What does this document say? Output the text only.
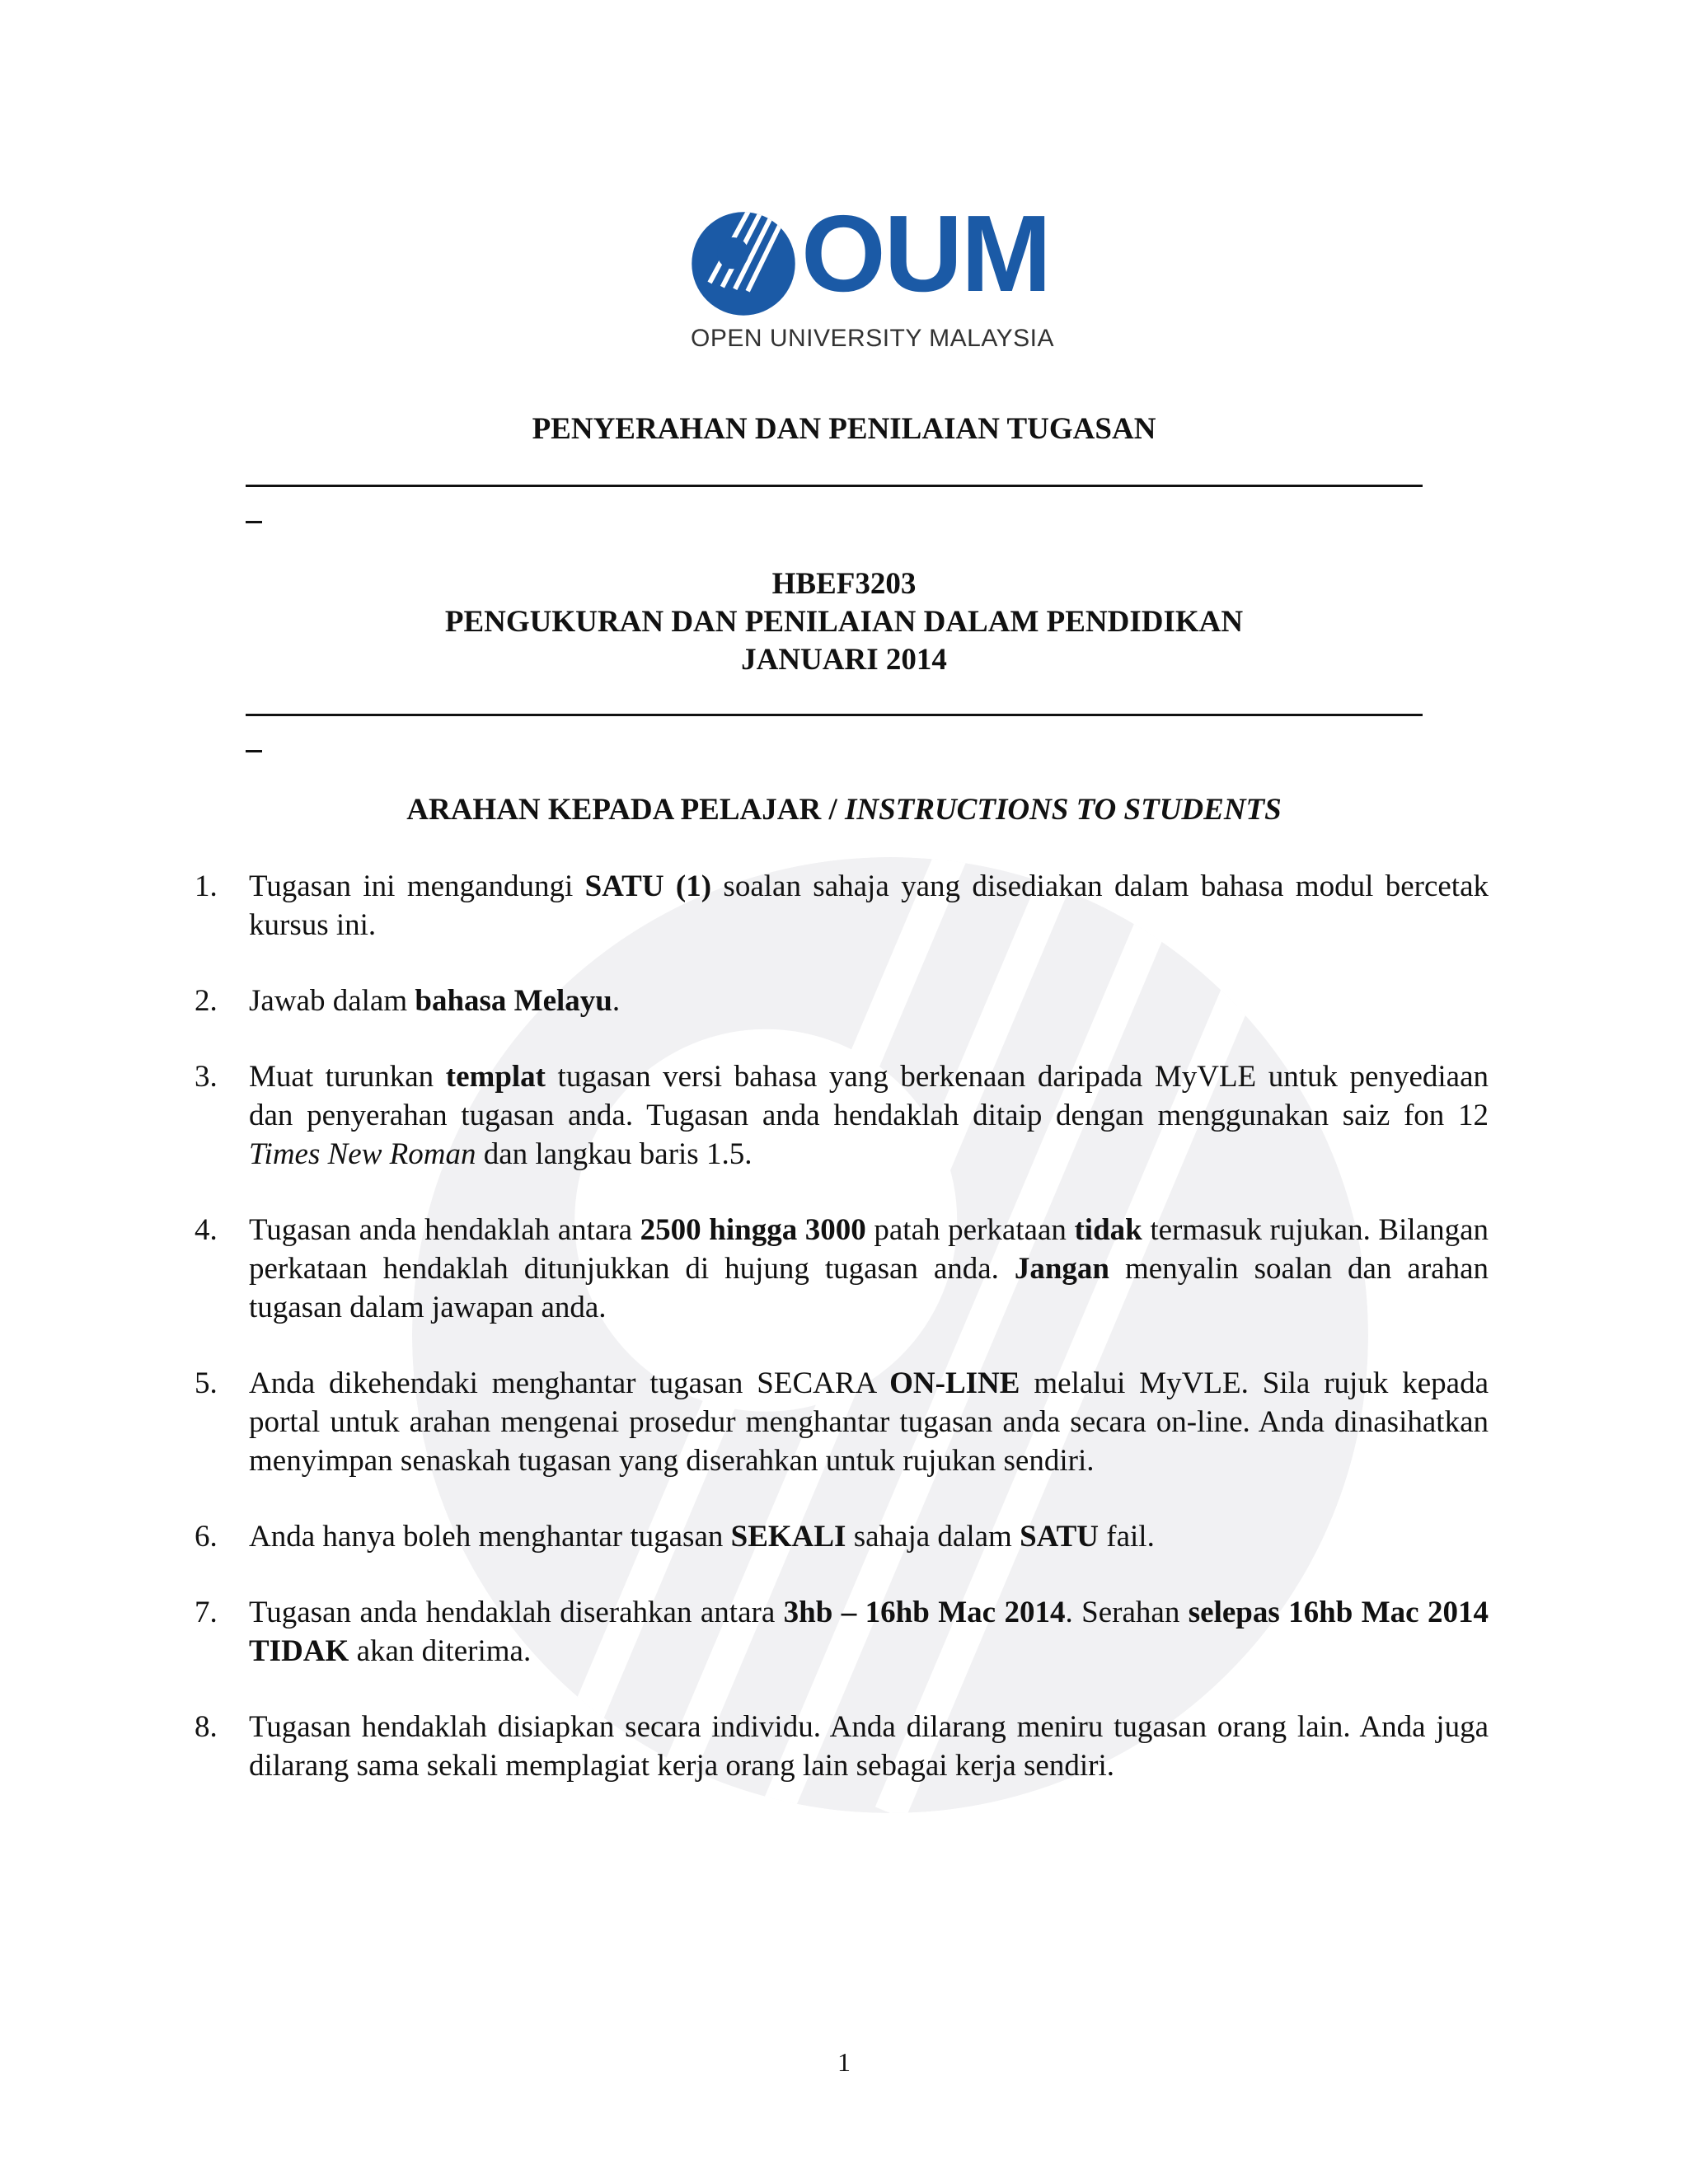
OUM
OPEN UNIVERSITY MALAYSIA
PENYERAHAN DAN PENILAIAN TUGASAN
HBEF3203
PENGUKURAN DAN PENILAIAN DALAM PENDIDIKAN
JANUARI 2014
ARAHAN KEPADA PELAJAR / INSTRUCTIONS TO STUDENTS
1. Tugasan ini mengandungi SATU (1) soalan sahaja yang disediakan dalam bahasa modul bercetak kursus ini.
2. Jawab dalam bahasa Melayu.
3. Muat turunkan templat tugasan versi bahasa yang berkenaan daripada MyVLE untuk penyediaan dan penyerahan tugasan anda. Tugasan anda hendaklah ditaip dengan menggunakan saiz fon 12 Times New Roman dan langkau baris 1.5.
4. Tugasan anda hendaklah antara 2500 hingga 3000 patah perkataan tidak termasuk rujukan. Bilangan perkataan hendaklah ditunjukkan di hujung tugasan anda. Jangan menyalin soalan dan arahan tugasan dalam jawapan anda.
5. Anda dikehendaki menghantar tugasan SECARA ON-LINE melalui MyVLE. Sila rujuk kepada portal untuk arahan mengenai prosedur menghantar tugasan anda secara on-line. Anda dinasihatkan menyimpan senaskah tugasan yang diserahkan untuk rujukan sendiri.
6. Anda hanya boleh menghantar tugasan SEKALI sahaja dalam SATU fail.
7. Tugasan anda hendaklah diserahkan antara 3hb – 16hb Mac 2014. Serahan selepas 16hb Mac 2014 TIDAK akan diterima.
8. Tugasan hendaklah disiapkan secara individu. Anda dilarang meniru tugasan orang lain. Anda juga dilarang sama sekali memplagiat kerja orang lain sebagai kerja sendiri.
1
